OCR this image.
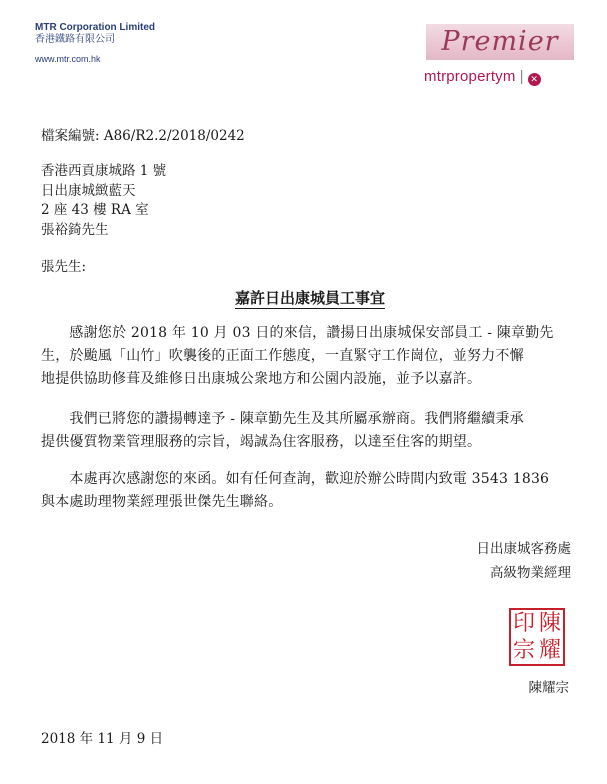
MTR Corporation Limited
香港鐵路有限公司
www.mtr.com.hk
Premier
mtrpropertym | ✕
檔案編號: A86/R2.2/2018/0242
香港西貢康城路 1 號
日出康城緻藍天
2 座 43 樓 RA 室
張裕錡先生
張先生:
嘉許日出康城員工事宜
　　感謝您於 2018 年 10 月 03 日的來信，讚揚日出康城保安部員工 - 陳章勤先
生，於颱風「山竹」吹襲後的正面工作態度，一直緊守工作崗位，並努力不懈
地提供協助修葺及維修日出康城公衆地方和公園内設施，並予以嘉許。
　　我們已將您的讚揚轉達予 - 陳章勤先生及其所屬承辦商。我們將繼續秉承
提供優質物業管理服務的宗旨，竭誠為住客服務，以達至住客的期望。
　　本處再次感謝您的來函。如有任何查詢，歡迎於辦公時間内致電 3543 1836
與本處助理物業經理張世傑先生聯絡。
日出康城客務處
高級物業經理
印 陳
宗 耀
陳耀宗
2018 年 11 月 9 日
